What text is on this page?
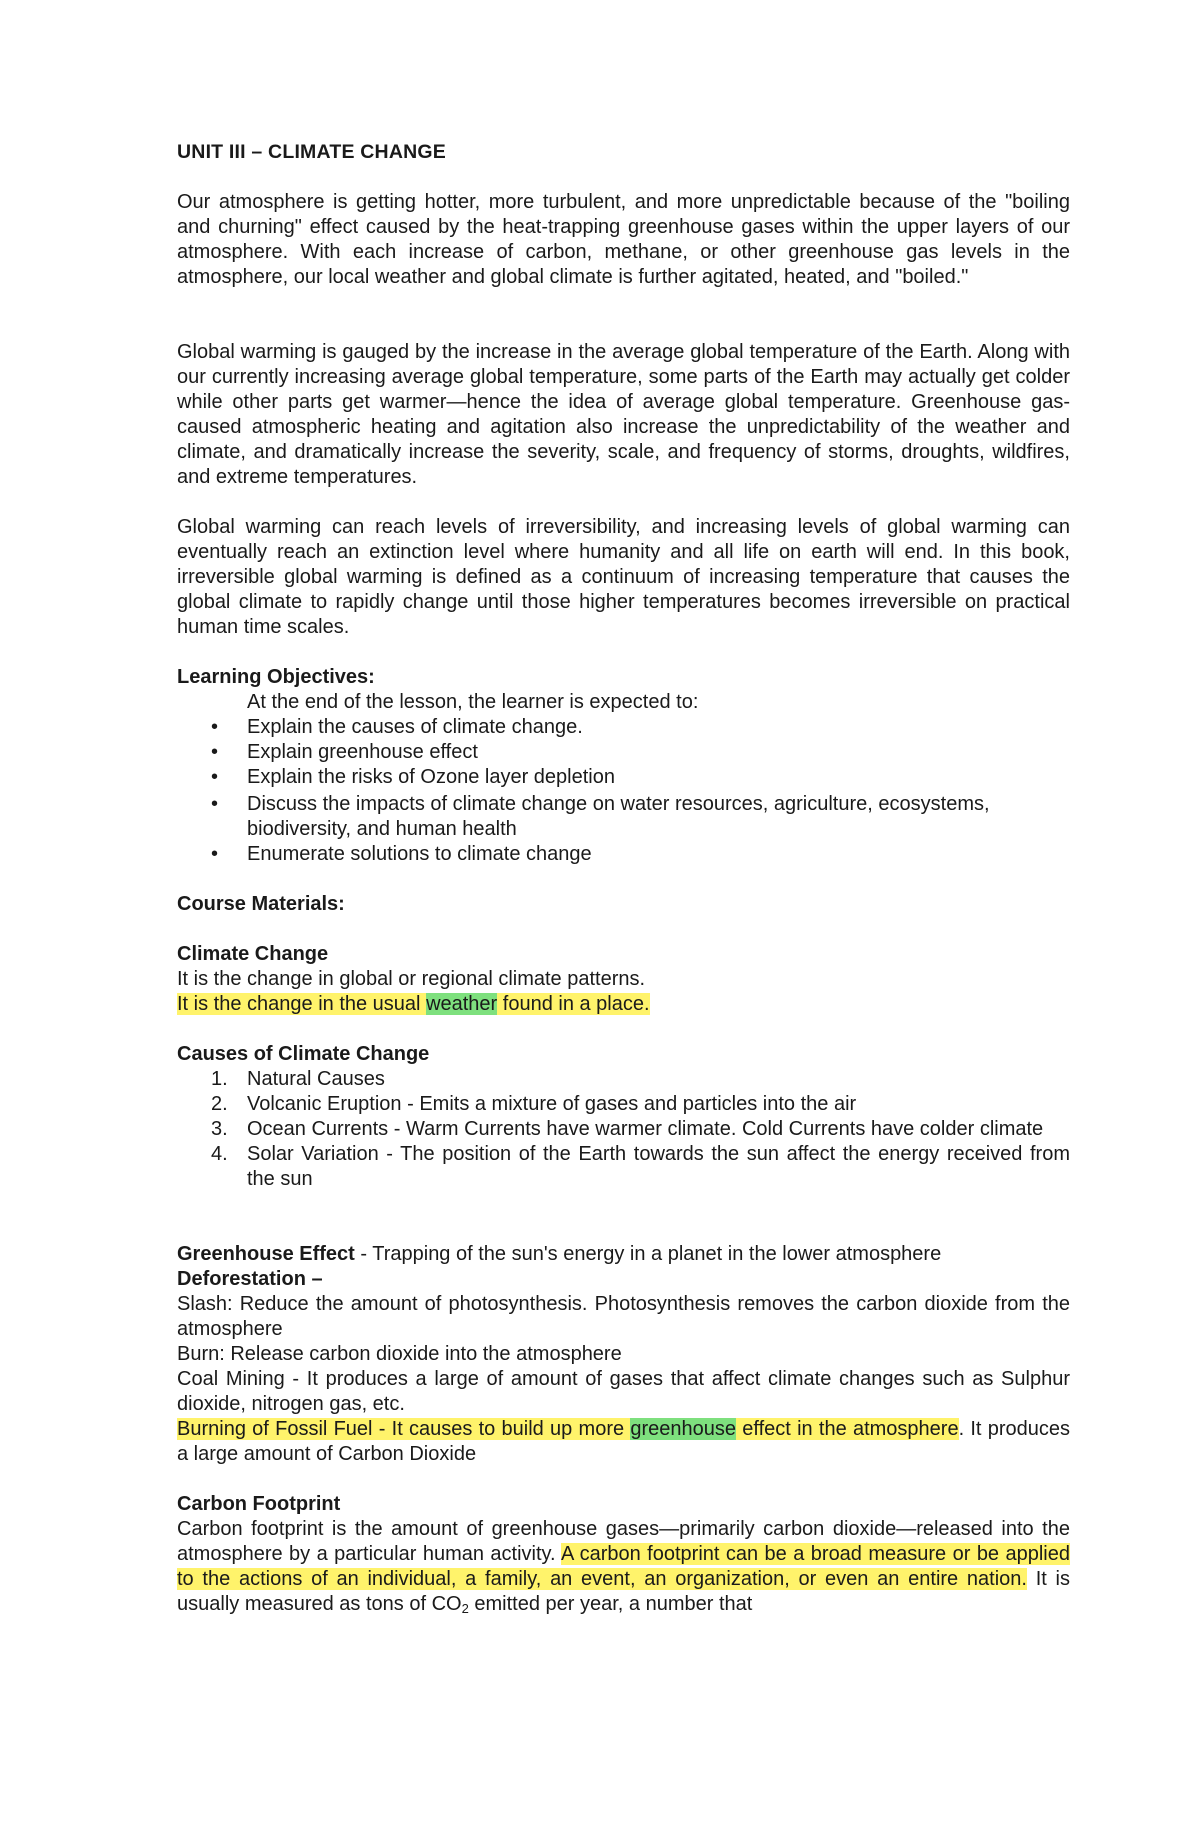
UNIT III – CLIMATE CHANGE

Our atmosphere is getting hotter, more turbulent, and more unpredictable because of the "boiling and churning" effect caused by the heat-trapping greenhouse gases within the upper layers of our atmosphere. With each increase of carbon, methane, or other greenhouse gas levels in the atmosphere, our local weather and global climate is further agitated, heated, and "boiled."

Global warming is gauged by the increase in the average global temperature of the Earth. Along with our currently increasing average global temperature, some parts of the Earth may actually get colder while other parts get warmer—hence the idea of average global temperature. Greenhouse gas-caused atmospheric heating and agitation also increase the unpredictability of the weather and climate, and dramatically increase the severity, scale, and frequency of storms, droughts, wildfires, and extreme temperatures.

Global warming can reach levels of irreversibility, and increasing levels of global warming can eventually reach an extinction level where humanity and all life on earth will end. In this book, irreversible global warming is defined as a continuum of increasing temperature that causes the global climate to rapidly change until those higher temperatures becomes irreversible on practical human time scales.

Learning Objectives:
At the end of the lesson, the learner is expected to:
• Explain the causes of climate change.
• Explain greenhouse effect
• Explain the risks of Ozone layer depletion
• Discuss the impacts of climate change on water resources, agriculture, ecosystems, biodiversity, and human health
• Enumerate solutions to climate change
Course Materials:
Climate Change
It is the change in global or regional climate patterns.
It is the change in the usual weather found in a place.
Causes of Climate Change
1. Natural Causes
2. Volcanic Eruption - Emits a mixture of gases and particles into the air
3. Ocean Currents - Warm Currents have warmer climate. Cold Currents have colder climate
4. Solar Variation - The position of the Earth towards the sun affect the energy received from the sun
Greenhouse Effect - Trapping of the sun's energy in a planet in the lower atmosphere
Deforestation –

Slash: Reduce the amount of photosynthesis. Photosynthesis removes the carbon dioxide from the atmosphere

Burn: Release carbon dioxide into the atmosphere

Coal Mining - It produces a large of amount of gases that affect climate changes such as Sulphur dioxide, nitrogen gas, etc.

Burning of Fossil Fuel - It causes to build up more greenhouse effect in the atmosphere. It produces a large amount of Carbon Dioxide

Carbon Footprint

Carbon footprint is the amount of greenhouse gases—primarily carbon dioxide—released into the atmosphere by a particular human activity. A carbon footprint can be a broad measure or be applied to the actions of an individual, a family, an event, an organization, or even an entire nation. It is usually measured as tons of $CO_2$ emitted per year, a number that
